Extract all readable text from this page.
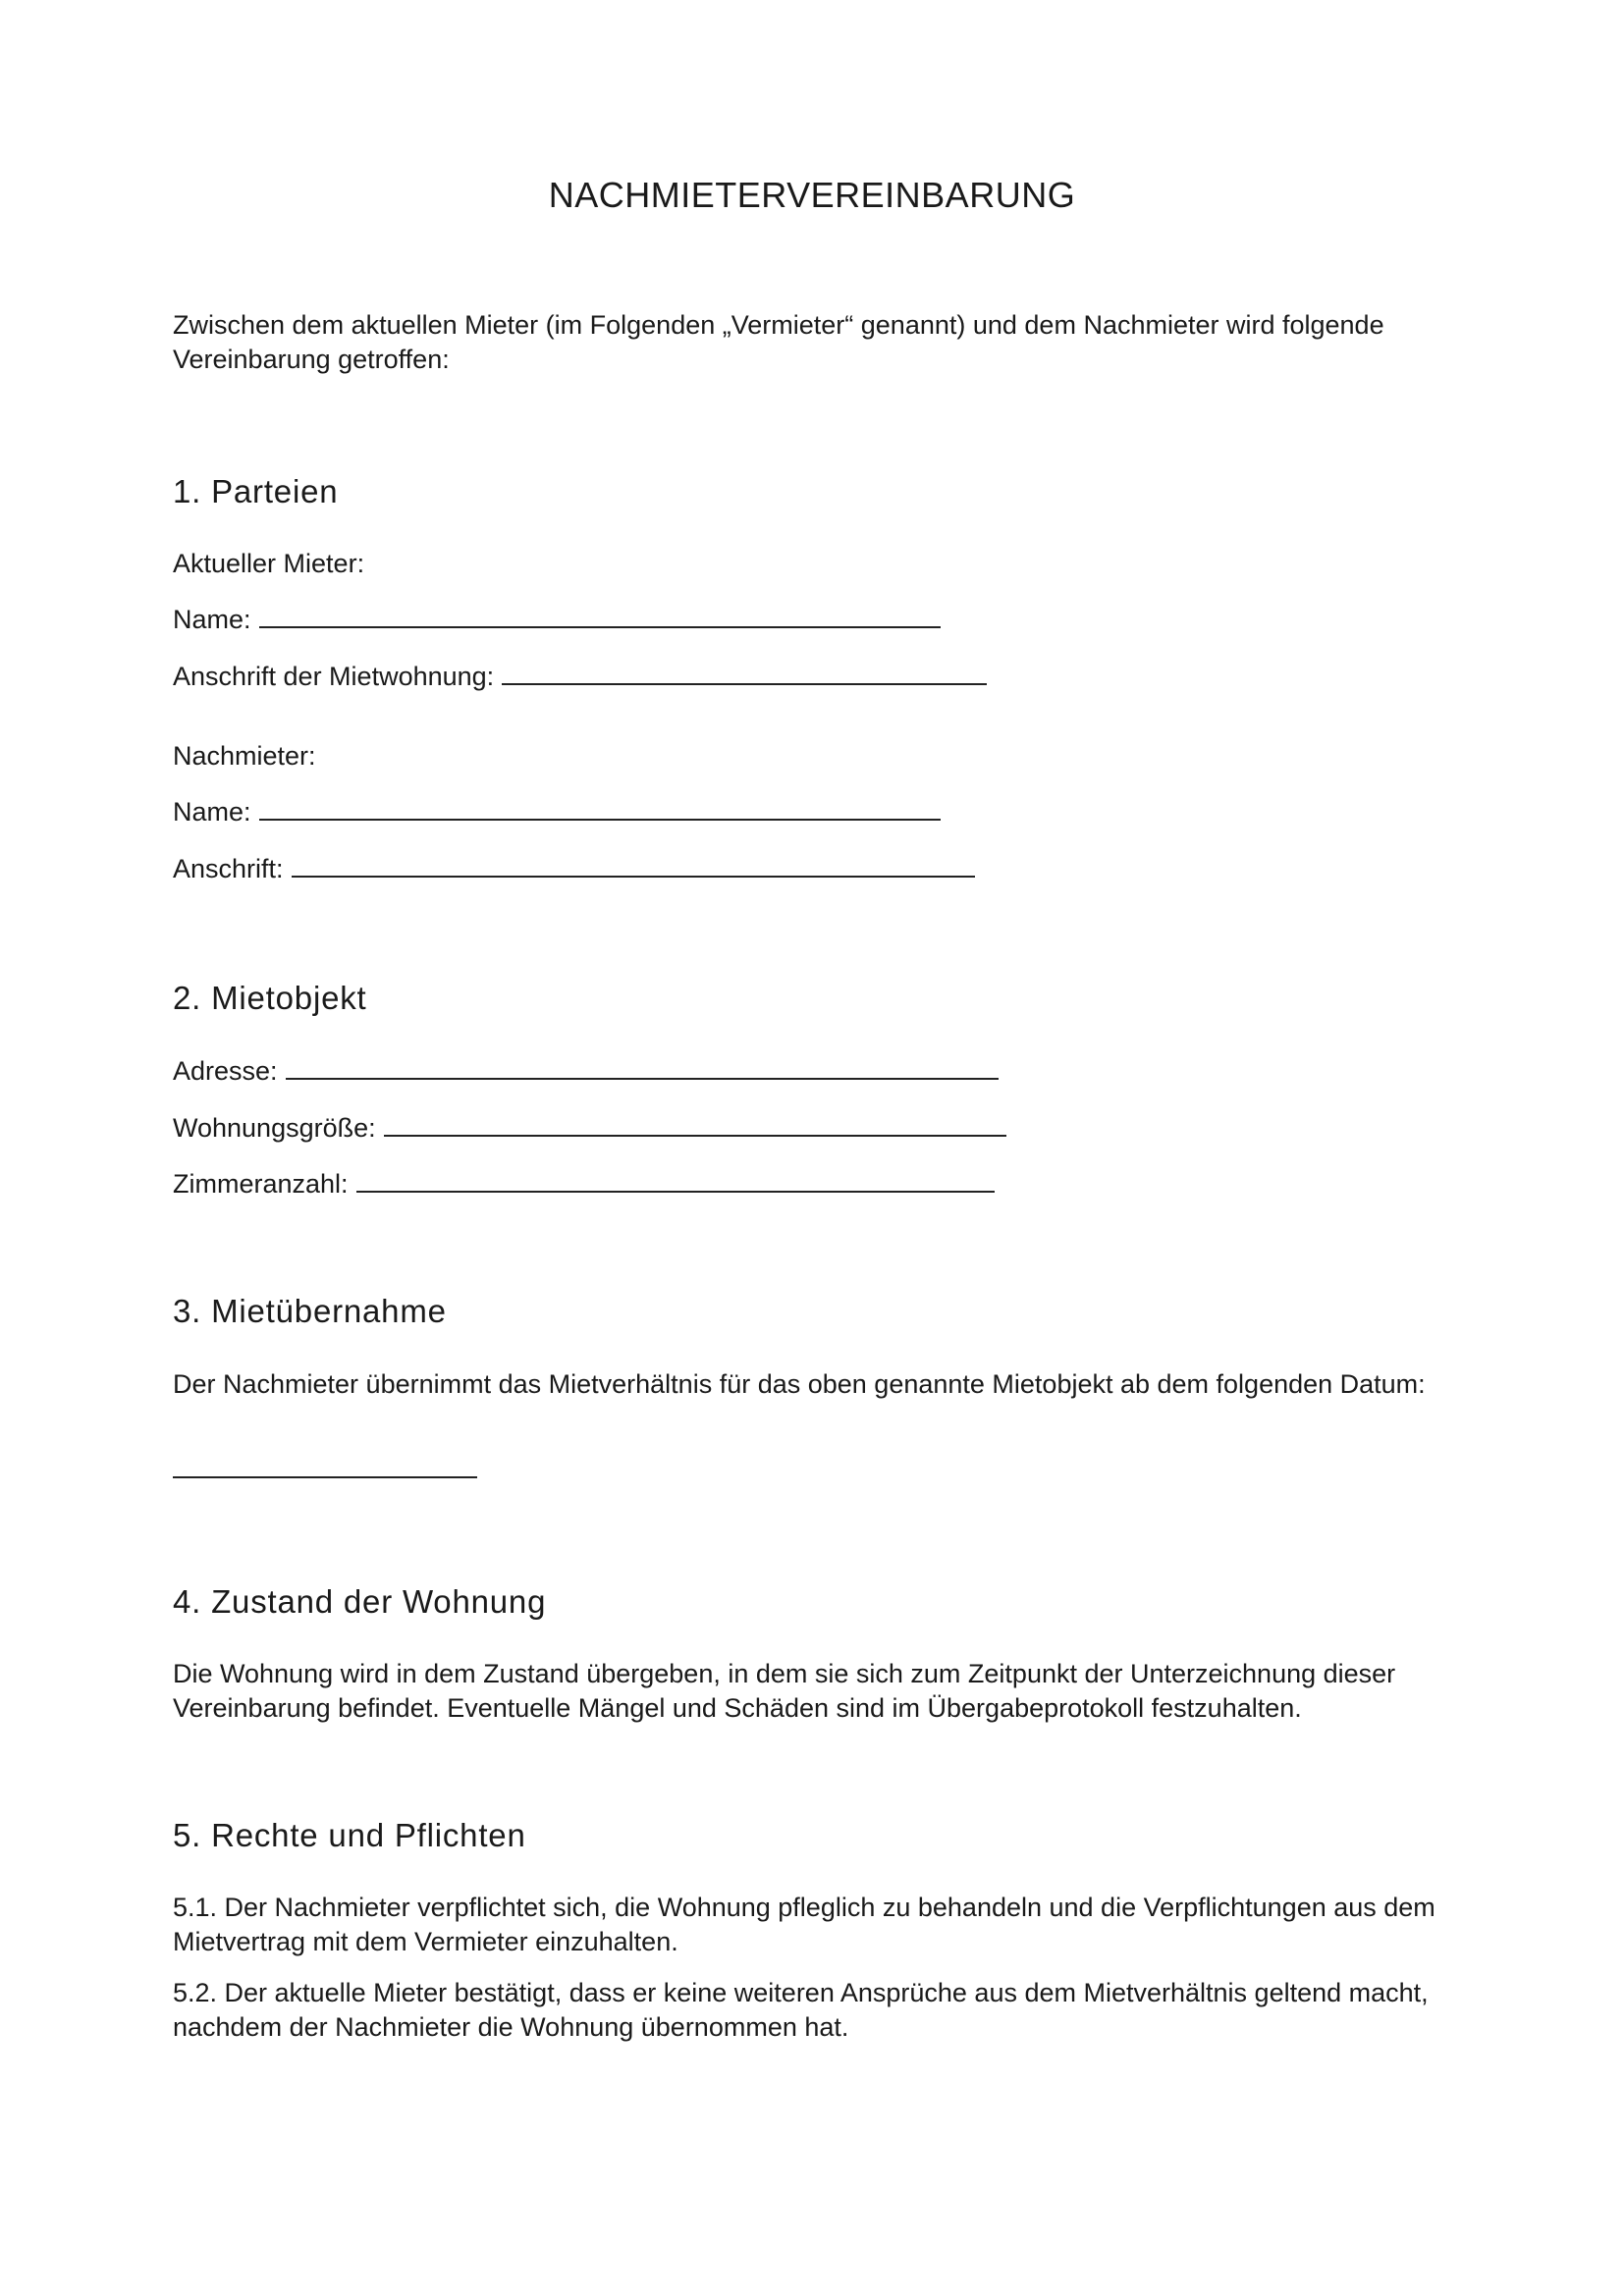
NACHMIETERVEREINBARUNG

Zwischen dem aktuellen Mieter (im Folgenden „Vermieter“ genannt) und dem Nachmieter wird folgende Vereinbarung getroffen:

1. Parteien
Aktueller Mieter:
Name:
Anschrift der Mietwohnung:
Nachmieter:
Name:
Anschrift:
2. Mietobjekt
Adresse:
Wohnungsgröße:
Zimmeranzahl:
3. Mietübernahme

Der Nachmieter übernimmt das Mietverhältnis für das oben genannte Mietobjekt ab dem folgenden Datum:

4. Zustand der Wohnung

Die Wohnung wird in dem Zustand übergeben, in dem sie sich zum Zeitpunkt der Unterzeichnung dieser Vereinbarung befindet. Eventuelle Mängel und Schäden sind im Übergabeprotokoll festzuhalten.

5. Rechte und Pflichten

5.1. Der Nachmieter verpflichtet sich, die Wohnung pfleglich zu behandeln und die Verpflichtungen aus dem Mietvertrag mit dem Vermieter einzuhalten.

5.2. Der aktuelle Mieter bestätigt, dass er keine weiteren Ansprüche aus dem Mietverhältnis geltend macht, nachdem der Nachmieter die Wohnung übernommen hat.
